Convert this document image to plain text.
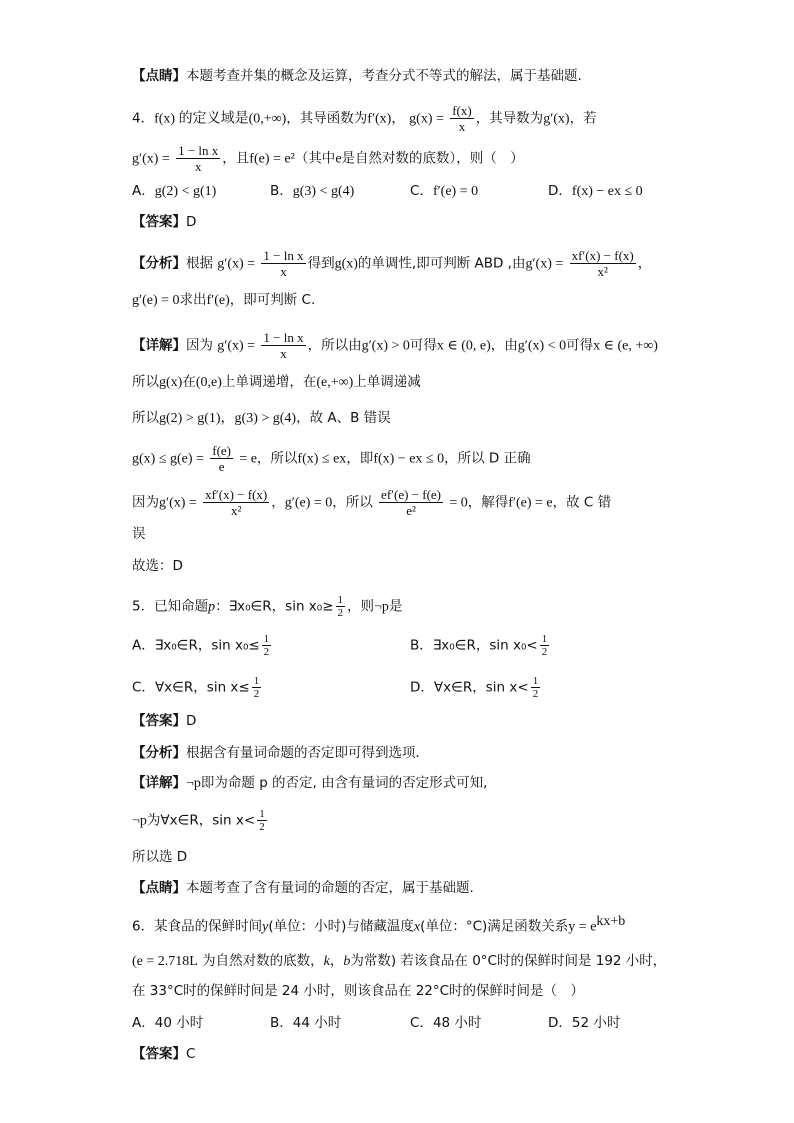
【点睛】本题考查并集的概念及运算，考查分式不等式的解法，属于基础题.
4．f(x) 的定义域是(0,+∞)，其导函数为f′(x)， $g(x) = \frac{f(x)}{x}$ ，其导数为g′(x)，若
$g'(x) = \frac{\text{1 − ln x}}{x}$ ，且f(e) = e²（其中e是自然对数的底数），则（　）
A．g(2) < g(1)	B．g(3) < g(4)	C．f′(e) = 0	D．f(x) − ex ≤ 0
【答案】D
【分析】根据 $g'(x) = \frac{\text{1 − ln x}}{x}$ 得到g(x)的单调性,即可判断 ABD ,由$g'(x) = \frac{xf'(x) - f(x)}{\text{x²}}$ ，
g′(e) = 0求出f′(e)，即可判断 C.
【详解】因为 $g'(x) = \frac{\text{1 − ln x}}{x}$ ，所以由g′(x) > 0可得x ∈ (0, e)，由g′(x) < 0可得x ∈ (e, +∞)
所以g(x)在(0,e)上单调递增，在(e,+∞)上单调递减
所以g(2) > g(1)，g(3) > g(4)，故 A、B 错误
$g(x) \le g(e) = \frac{f(e)}{e} = e$，所以f(x) ≤ ex，即f(x) − ex ≤ 0，所以 D 正确
因为$g'(x) = \frac{xf'(x) - f(x)}{\text{x²}}$ ，g′(e) = 0，所以 $\frac{ef'(e) - f(e)}{\text{e²}} = 0$，解得f′(e) = e，故 C 错
误
故选：D
5．已知命题p：∃x₀∈R，$\sin x_0\ge \frac{1}{2}$ ，则¬p是
A．∃x₀∈R，$\sin x_0\le \frac{1}{2}$	B．∃x₀∈R，$\sin x_0< \frac{1}{2}$
C．∀x∈R，$\sin x\le \frac{1}{2}$	D．∀x∈R，$\sin x< \frac{1}{2}$
【答案】D
【分析】根据含有量词命题的否定即可得到选项．
【详解】¬p即为命题 p 的否定, 由含有量词的否定形式可知,
¬p为∀x∈R，$\sin x< \frac{1}{2}$
所以选 D
【点睛】本题考查了含有量词的命题的否定，属于基础题．
6．某食品的保鲜时间y(单位：小时)与储藏温度x(单位：°C)满足函数关系$y = e^{kx+b}$
(e = 2.718L 为自然对数的底数，k，b为常数) 若该食品在 0°C时的保鲜时间是 192 小时，
在 33°C时的保鲜时间是 24 小时，则该食品在 22°C时的保鲜时间是（　）
A．40 小时	B．44 小时	C．48 小时	D．52 小时
【答案】C
